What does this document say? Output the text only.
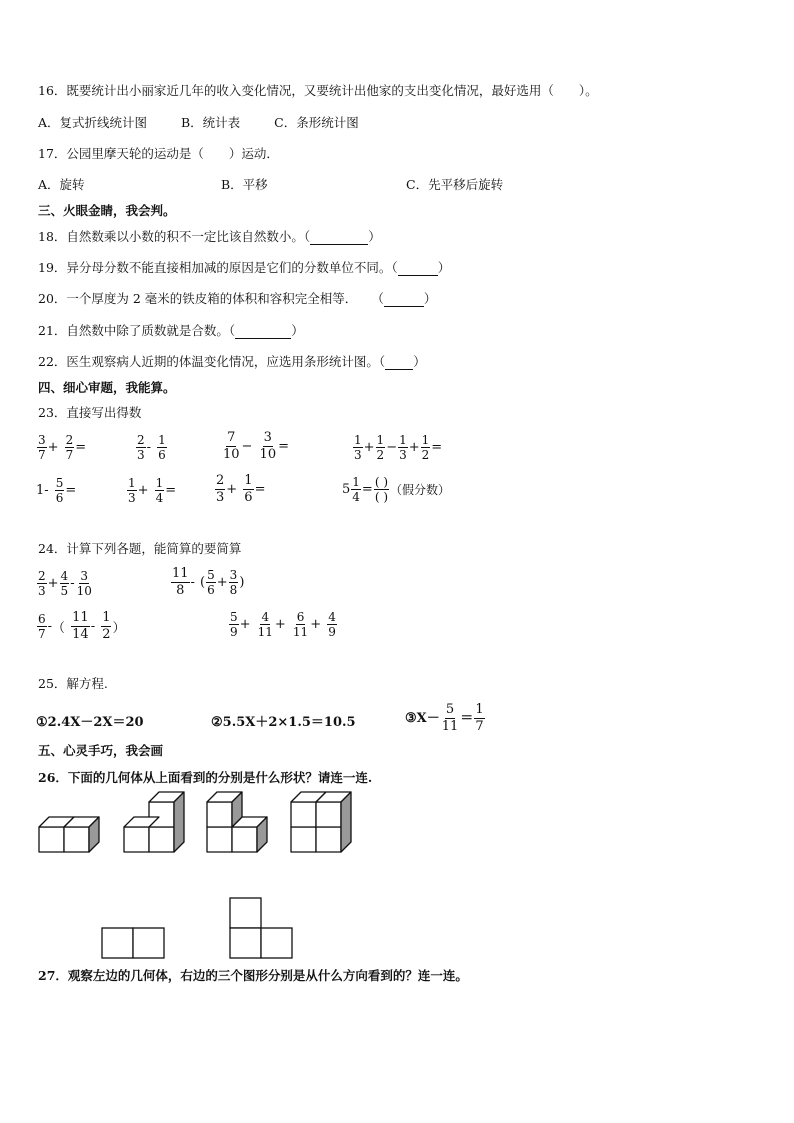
16．既要统计出小丽家近几年的收入变化情况，又要统计出他家的支出变化情况，最好选用（　　）。
A．复式折线统计图	B．统计表	C．条形统计图
17．公园里摩天轮的运动是（　　）运动．
A．旋转	B．平移	C．先平移后旋转
三、火眼金睛，我会判。
18．自然数乘以小数的积不一定比该自然数小。（	）
19．异分母分数不能直接相加减的原因是它们的分数单位不同。（	）
20．一个厚度为 2 毫米的铁皮箱的体积和容积完全相等． （	）
21．自然数中除了质数就是合数。（	）
22．医生观察病人近期的体温变化情况，应选用条形统计图。（ ）
四、细心审题，我能算。
23．直接写出得数
$\frac{3}{7} + \frac{2}{7}$ =	$\frac{2}{3} - \frac{1}{6}$	$\frac{7}{10} - \frac{3}{10}$ =	$\frac{1}{3} + \frac{1}{2} - \frac{1}{3} + \frac{1}{2}$ =
$1- \frac{5}{6}$ =	$\frac{1}{3} + \frac{1}{4}$ =	$\frac{2}{3} + \frac{1}{6}$ =	$5 \frac{1}{4} = \frac{( )}{( )}$ （假分数）
24．计算下列各题，能简算的要简算
$\frac{2}{3} + \frac{4}{5} - \frac{3}{10}$	$\frac{11}{8}$ - ( $\frac{5}{6} + \frac{3}{8}$ )
$\frac{6}{7}$ -（ $\frac{11}{14} - \frac{1}{2}$ ）	$\frac{5}{9} + \frac{4}{11} + \frac{6}{11} + \frac{4}{9}$
25．解方程.
①2.4X－2X＝20	②5.5X＋2×1.5＝10.5	③X－ $\frac{5}{11} = \frac{1}{7}$
五、心灵手巧，我会画
26．下面的几何体从上面看到的分别是什么形状？请连一连.
27．观察左边的几何体，右边的三个图形分别是从什么方向看到的？连一连。
